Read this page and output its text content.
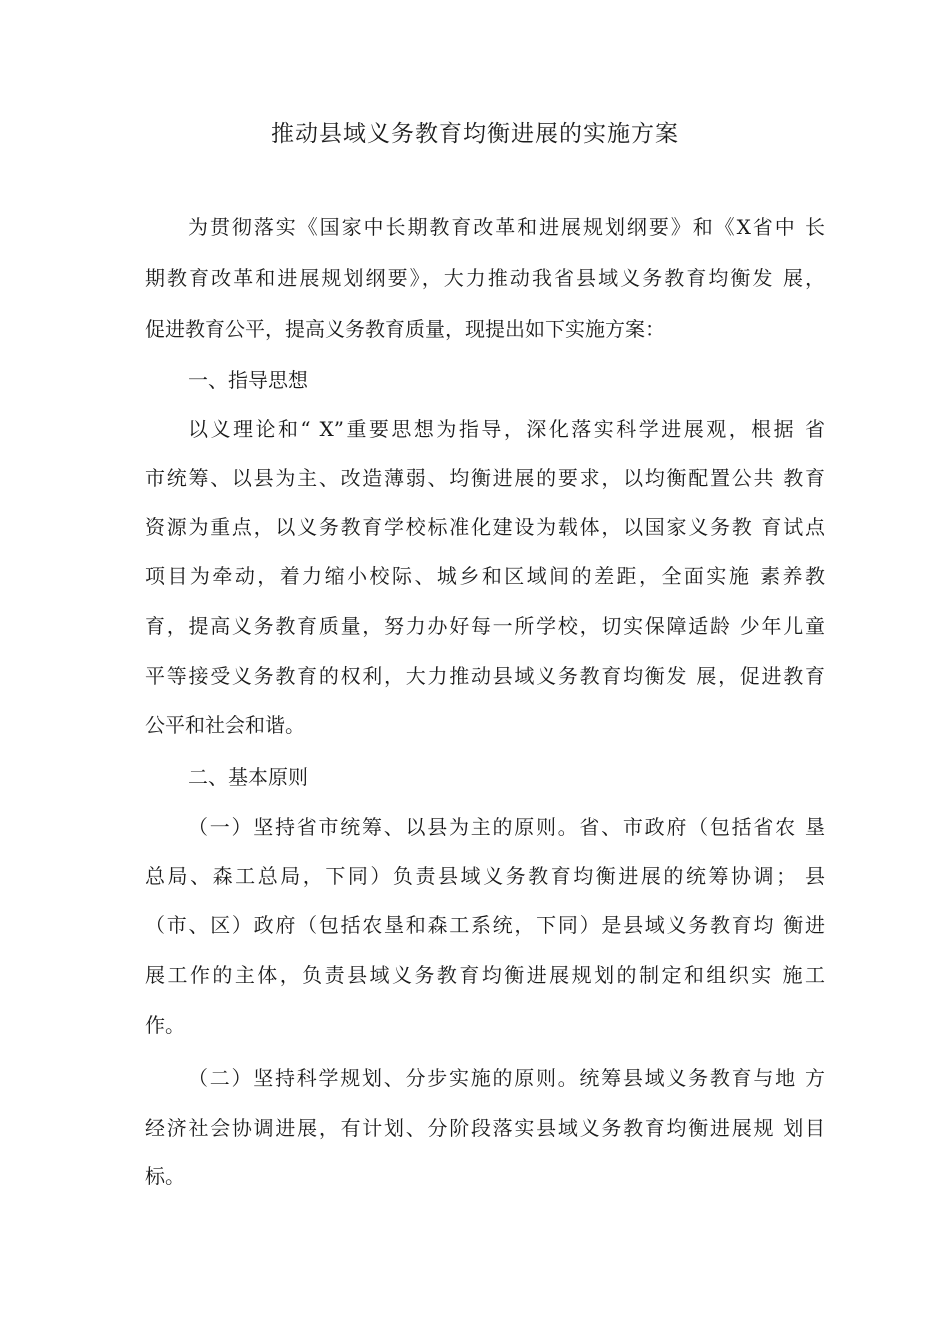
推动县域义务教育均衡进展的实施方案
为贯彻落实《国家中长期教育改革和进展规划纲要》和《X省中 长
期教育改革和进展规划纲要》，大力推动我省县域义务教育均衡发 展，
促进教育公平，提高义务教育质量，现提出如下实施方案：
一、指导思想
以义理论和“ X”重要思想为指导，深化落实科学进展观，根据 省
市统筹、以县为主、改造薄弱、均衡进展的要求，以均衡配置公共 教育
资源为重点，以义务教育学校标准化建设为载体，以国家义务教 育试点
项目为牵动，着力缩小校际、城乡和区域间的差距，全面实施 素养教
育，提高义务教育质量，努力办好每一所学校，切实保障适龄 少年儿童
平等接受义务教育的权利，大力推动县域义务教育均衡发 展，促进教育
公平和社会和谐。
二、基本原则
（一）坚持省市统筹、以县为主的原则。省、市政府（包括省农 垦
总局、森工总局，下同）负责县域义务教育均衡进展的统筹协调； 县
（市、区）政府（包括农垦和森工系统，下同）是县域义务教育均 衡进
展工作的主体，负责县域义务教育均衡进展规划的制定和组织实 施工
作。
（二）坚持科学规划、分步实施的原则。统筹县域义务教育与地 方
经济社会协调进展，有计划、分阶段落实县域义务教育均衡进展规 划目
标。
